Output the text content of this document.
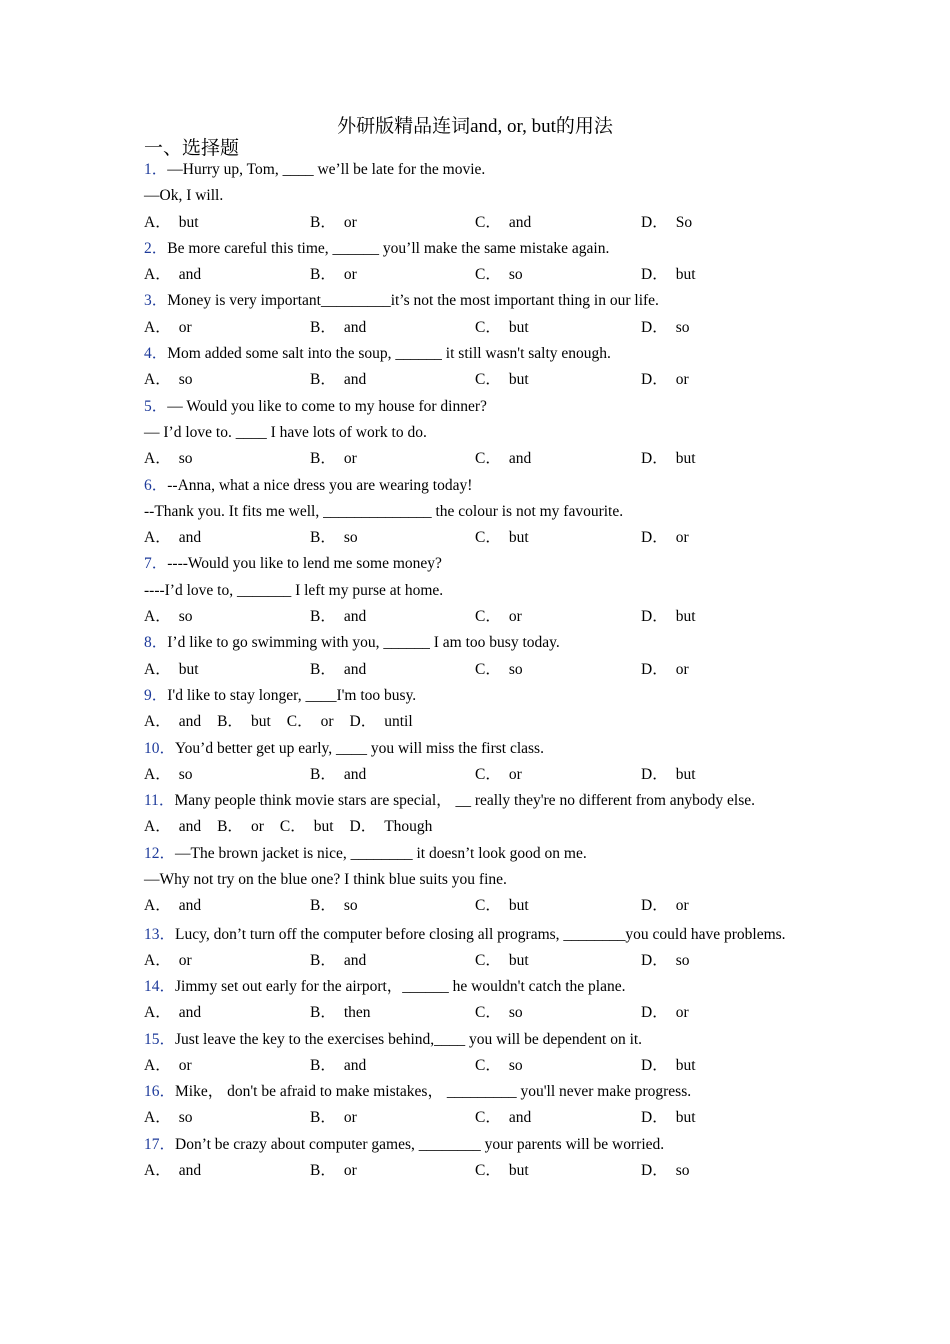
外研版精品连词and, or, but的用法
一、选择题
1．—Hurry up, Tom, ____ we’ll be late for the movie.
—Ok, I will.
A． but	B． or	C． and	D． So
2．Be more careful this time, ______ you’ll make the same mistake again.
A． and	B． or	C． so	D． but
3．Money is very important_________it’s not the most important thing in our life.
A． or	B． and	C． but	D． so
4．Mom added some salt into the soup, ______ it still wasn't salty enough.
A． so	B． and	C． but	D． or
5．— Would you like to come to my house for dinner?
— I’d love to. ____ I have lots of work to do.
A． so	B． or	C． and	D． but
6．--Anna, what a nice dress you are wearing today!
--Thank you. It fits me well, ______________ the colour is not my favourite.
A． and	B． so	C． but	D． or
7．----Would you like to lend me some money?
----I’d love to, _______ I left my purse at home.
A． so	B． and	C． or	D． but
8．I’d like to go swimming with you, ______ I am too busy today.
A． but	B． and	C． so	D． or
9．I'd like to stay longer, ____I'm too busy.
A． and B． but C． or D． until
10．You’d better get up early, ____ you will miss the first class.
A． so	B． and	C． or	D． but
11．Many people think movie stars are special， __ really they're no different from anybody else.
A． and B． or C． but D． Though
12．—The brown jacket is nice, ________ it doesn’t look good on me.
—Why not try on the blue one? I think blue suits you fine.
A． and	B． so	C． but	D． or
13．Lucy, don’t turn off the computer before closing all programs, ________you could have problems.
A． or	B． and	C． but	D． so
14．Jimmy set out early for the airport，______ he wouldn't catch the plane.
A． and	B． then	C． so	D． or
15．Just leave the key to the exercises behind,____ you will be dependent on it.
A． or	B． and	C． so	D． but
16．Mike， don't be afraid to make mistakes， _________ you'll never make progress.
A． so	B． or	C． and	D． but
17．Don’t be crazy about computer games, ________ your parents will be worried.
A． and	B． or	C． but	D． so
